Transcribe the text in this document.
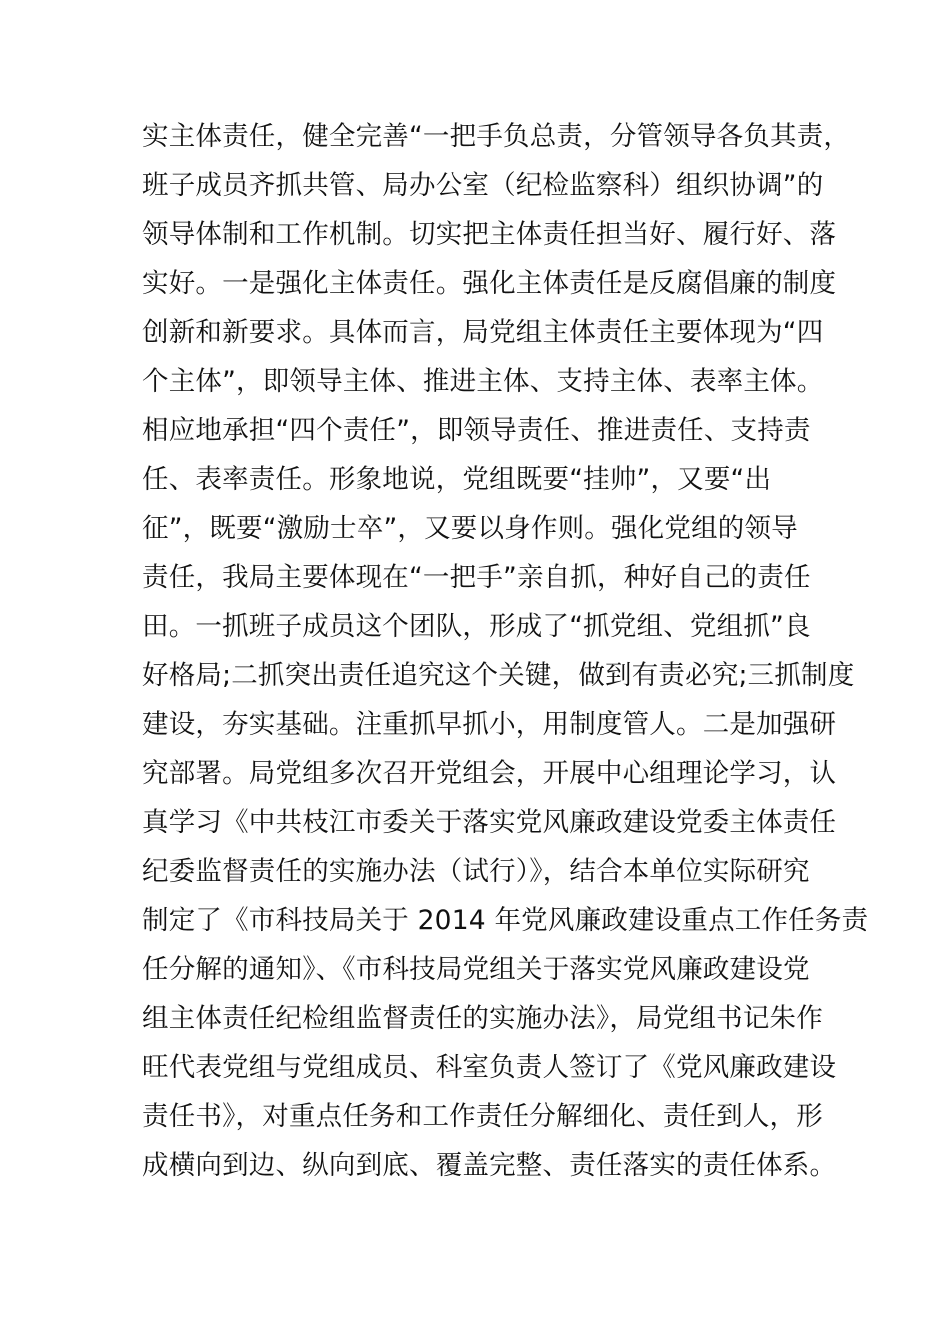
实主体责任，健全完善“一把手负总责，分管领导各负其责，
班子成员齐抓共管、局办公室（纪检监察科）组织协调”的
领导体制和工作机制。切实把主体责任担当好、履行好、落
实好。一是强化主体责任。强化主体责任是反腐倡廉的制度
创新和新要求。具体而言，局党组主体责任主要体现为“四
个主体”，即领导主体、推进主体、支持主体、表率主体。
相应地承担“四个责任”，即领导责任、推进责任、支持责
任、表率责任。形象地说，党组既要“挂帅”，又要“出
征”，既要“激励士卒”，又要以身作则。强化党组的领导
责任，我局主要体现在“一把手”亲自抓，种好自己的责任
田。一抓班子成员这个团队，形成了“抓党组、党组抓”良
好格局;二抓突出责任追究这个关键，做到有责必究;三抓制度
建设，夯实基础。注重抓早抓小，用制度管人。二是加强研
究部署。局党组多次召开党组会，开展中心组理论学习，认
真学习《中共枝江市委关于落实党风廉政建设党委主体责任
纪委监督责任的实施办法（试行）》，结合本单位实际研究
制定了《市科技局关于 2014 年党风廉政建设重点工作任务责
任分解的通知》、《市科技局党组关于落实党风廉政建设党
组主体责任纪检组监督责任的实施办法》，局党组书记朱作
旺代表党组与党组成员、科室负责人签订了《党风廉政建设
责任书》，对重点任务和工作责任分解细化、责任到人，形
成横向到边、纵向到底、覆盖完整、责任落实的责任体系。
